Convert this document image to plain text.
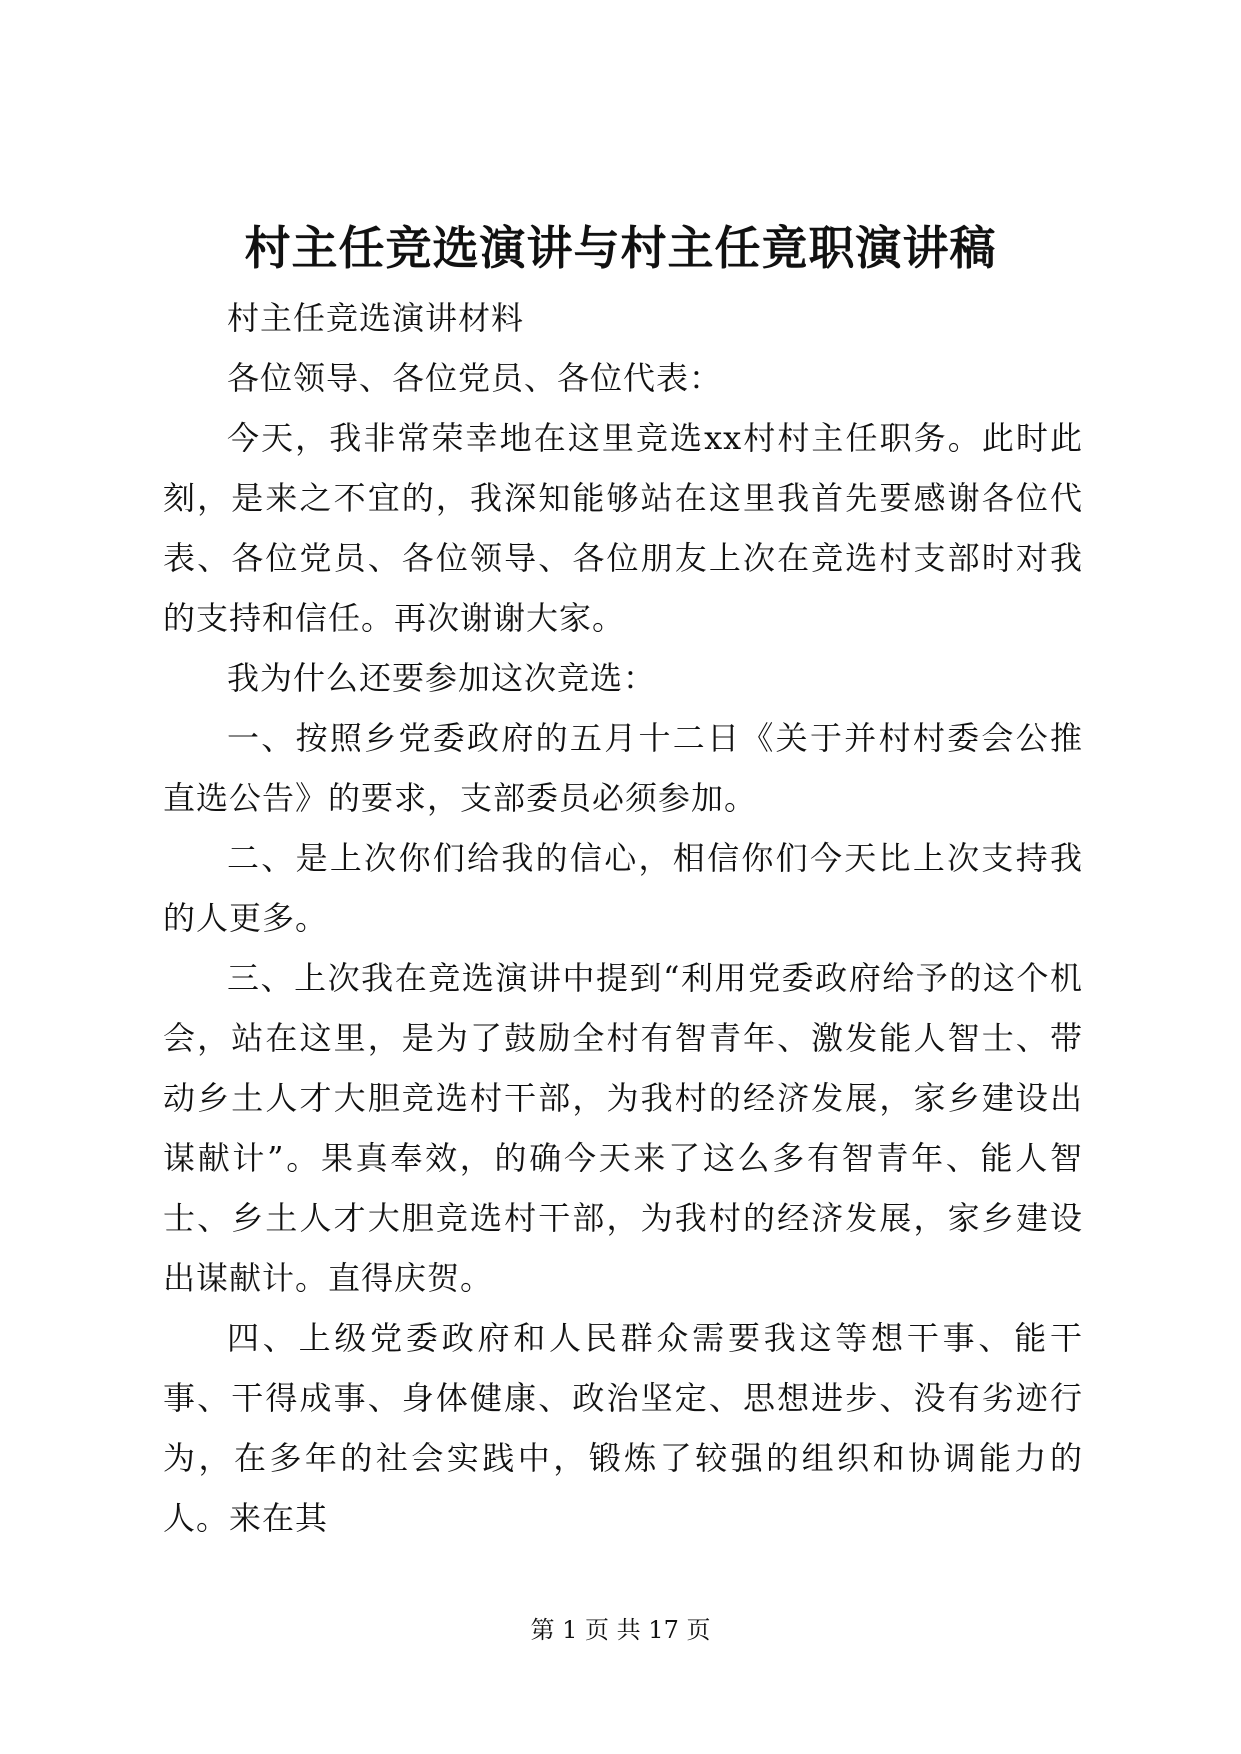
村主任竞选演讲与村主任竟职演讲稿

村主任竞选演讲材料

各位领导、各位党员、各位代表：

今天，我非常荣幸地在这里竞选xx村村主任职务。此时此刻，是来之不宜的，我深知能够站在这里我首先要感谢各位代表、各位党员、各位领导、各位朋友上次在竞选村支部时对我的支持和信任。再次谢谢大家。

我为什么还要参加这次竞选：

一、按照乡党委政府的五月十二日《关于并村村委会公推直选公告》的要求，支部委员必须参加。

二、是上次你们给我的信心，相信你们今天比上次支持我的人更多。

三、上次我在竞选演讲中提到“利用党委政府给予的这个机会，站在这里，是为了鼓励全村有智青年、激发能人智士、带动乡土人才大胆竞选村干部，为我村的经济发展，家乡建设出谋献计”。果真奉效，的确今天来了这么多有智青年、能人智士、乡土人才大胆竞选村干部，为我村的经济发展，家乡建设出谋献计。直得庆贺。

四、上级党委政府和人民群众需要我这等想干事、能干事、干得成事、身体健康、政治坚定、思想进步、没有劣迹行为，在多年的社会实践中，锻炼了较强的组织和协调能力的人。来在其

第 1 页 共 17 页
